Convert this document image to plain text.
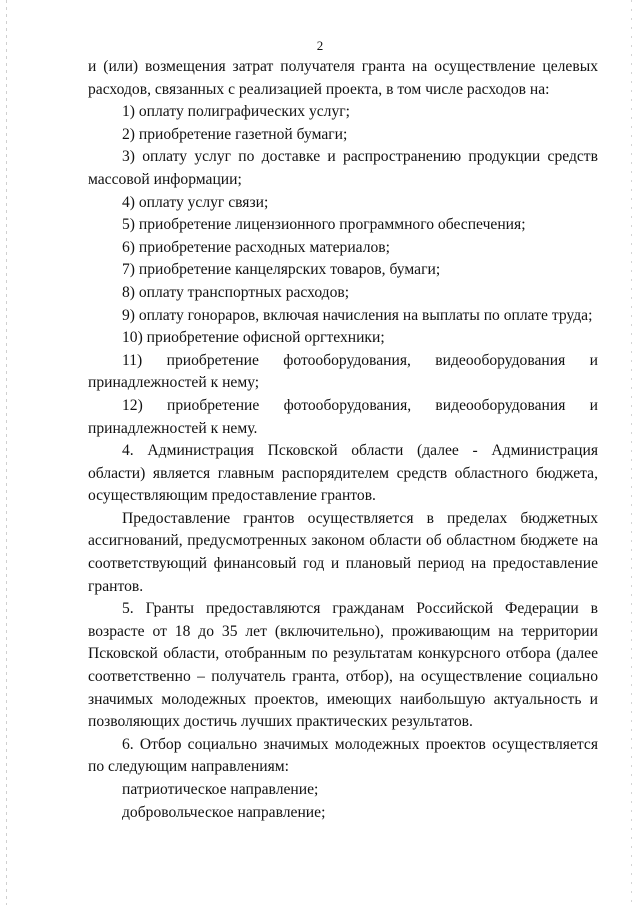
2

и (или) возмещения затрат получателя гранта на осуществление целевых расходов, связанных с реализацией проекта, в том числе расходов на:

1) оплату полиграфических услуг;

2) приобретение газетной бумаги;

3) оплату услуг по доставке и распространению продукции средств массовой информации;

4) оплату услуг связи;

5) приобретение лицензионного программного обеспечения;

6) приобретение расходных материалов;

7) приобретение канцелярских товаров, бумаги;

8) оплату транспортных расходов;

9) оплату гонораров, включая начисления на выплаты по оплате труда;

10) приобретение офисной оргтехники;

11) приобретение фотооборудования, видеооборудования и принадлежностей к нему;

12) приобретение фотооборудования, видеооборудования и принадлежностей к нему.

4. Администрация Псковской области (далее - Администрация области) является главным распорядителем средств областного бюджета, осуществляющим предоставление грантов.

Предоставление грантов осуществляется в пределах бюджетных ассигнований, предусмотренных законом области об областном бюджете на соответствующий финансовый год и плановый период на предоставление грантов.

5. Гранты предоставляются гражданам Российской Федерации в возрасте от 18 до 35 лет (включительно), проживающим на территории Псковской области, отобранным по результатам конкурсного отбора (далее соответственно – получатель гранта, отбор), на осуществление социально значимых молодежных проектов, имеющих наибольшую актуальность и позволяющих достичь лучших практических результатов.

6. Отбор социально значимых молодежных проектов осуществляется по следующим направлениям:

патриотическое направление;

добровольческое направление;
